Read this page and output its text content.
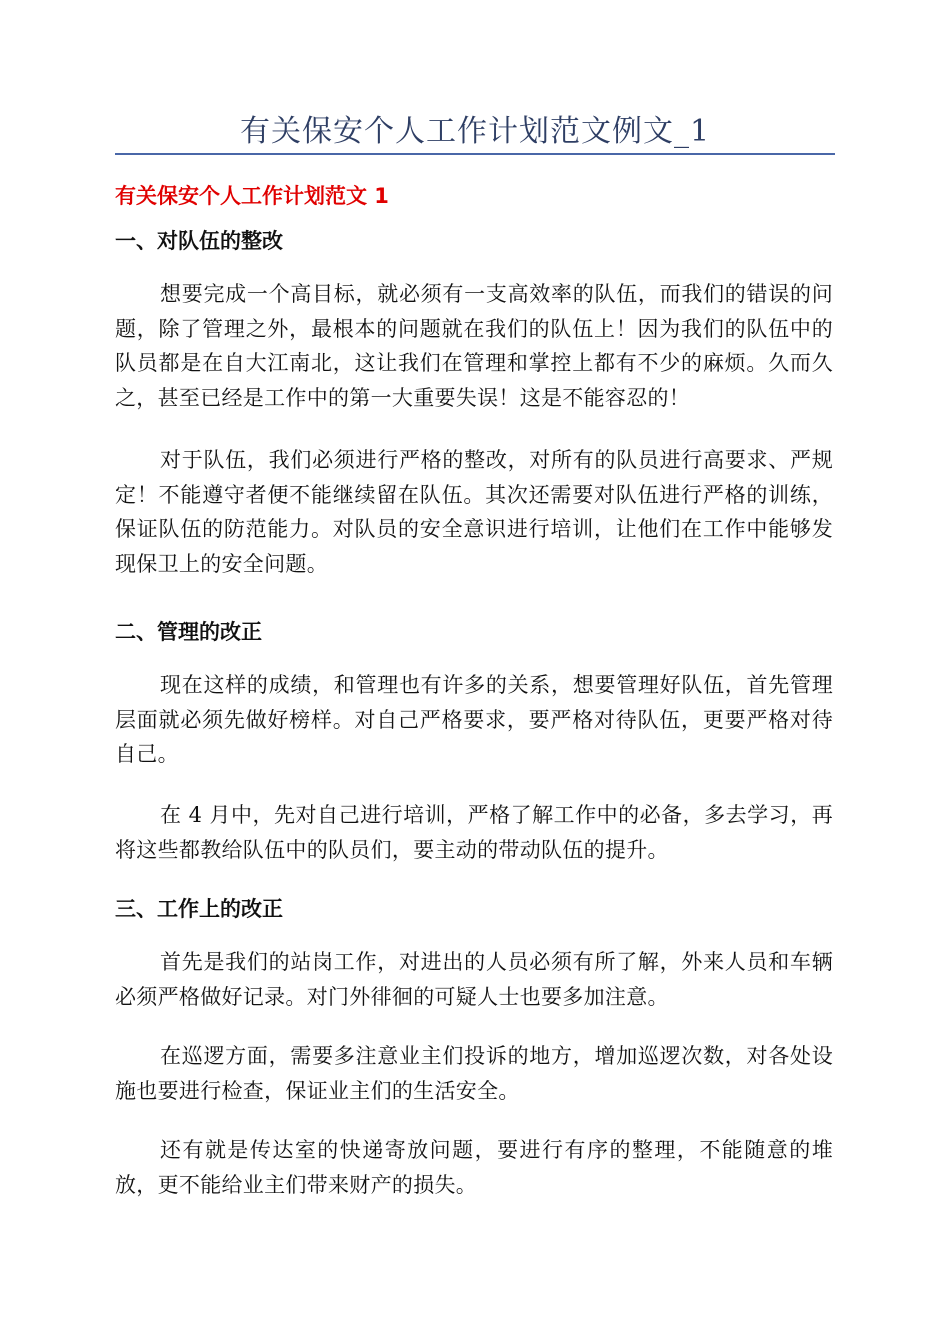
有关保安个人工作计划范文例文_1
有关保安个人工作计划范文 1
一、对队伍的整改

想要完成一个高目标，就必须有一支高效率的队伍，而我们的错误的问题，除了管理之外，最根本的问题就在我们的队伍上！因为我们的队伍中的队员都是在自大江南北，这让我们在管理和掌控上都有不少的麻烦。久而久之，甚至已经是工作中的第一大重要失误！这是不能容忍的！

对于队伍，我们必须进行严格的整改，对所有的队员进行高要求、严规定！不能遵守者便不能继续留在队伍。其次还需要对队伍进行严格的训练，保证队伍的防范能力。对队员的安全意识进行培训，让他们在工作中能够发现保卫上的安全问题。

二、管理的改正

现在这样的成绩，和管理也有许多的关系，想要管理好队伍，首先管理层面就必须先做好榜样。对自己严格要求，要严格对待队伍，更要严格对待自己。

在 4 月中，先对自己进行培训，严格了解工作中的必备，多去学习，再将这些都教给队伍中的队员们，要主动的带动队伍的提升。

三、工作上的改正

首先是我们的站岗工作，对进出的人员必须有所了解，外来人员和车辆必须严格做好记录。对门外徘徊的可疑人士也要多加注意。

在巡逻方面，需要多注意业主们投诉的地方，增加巡逻次数，对各处设施也要进行检查，保证业主们的生活安全。

还有就是传达室的快递寄放问题，要进行有序的整理，不能随意的堆放，更不能给业主们带来财产的损失。
